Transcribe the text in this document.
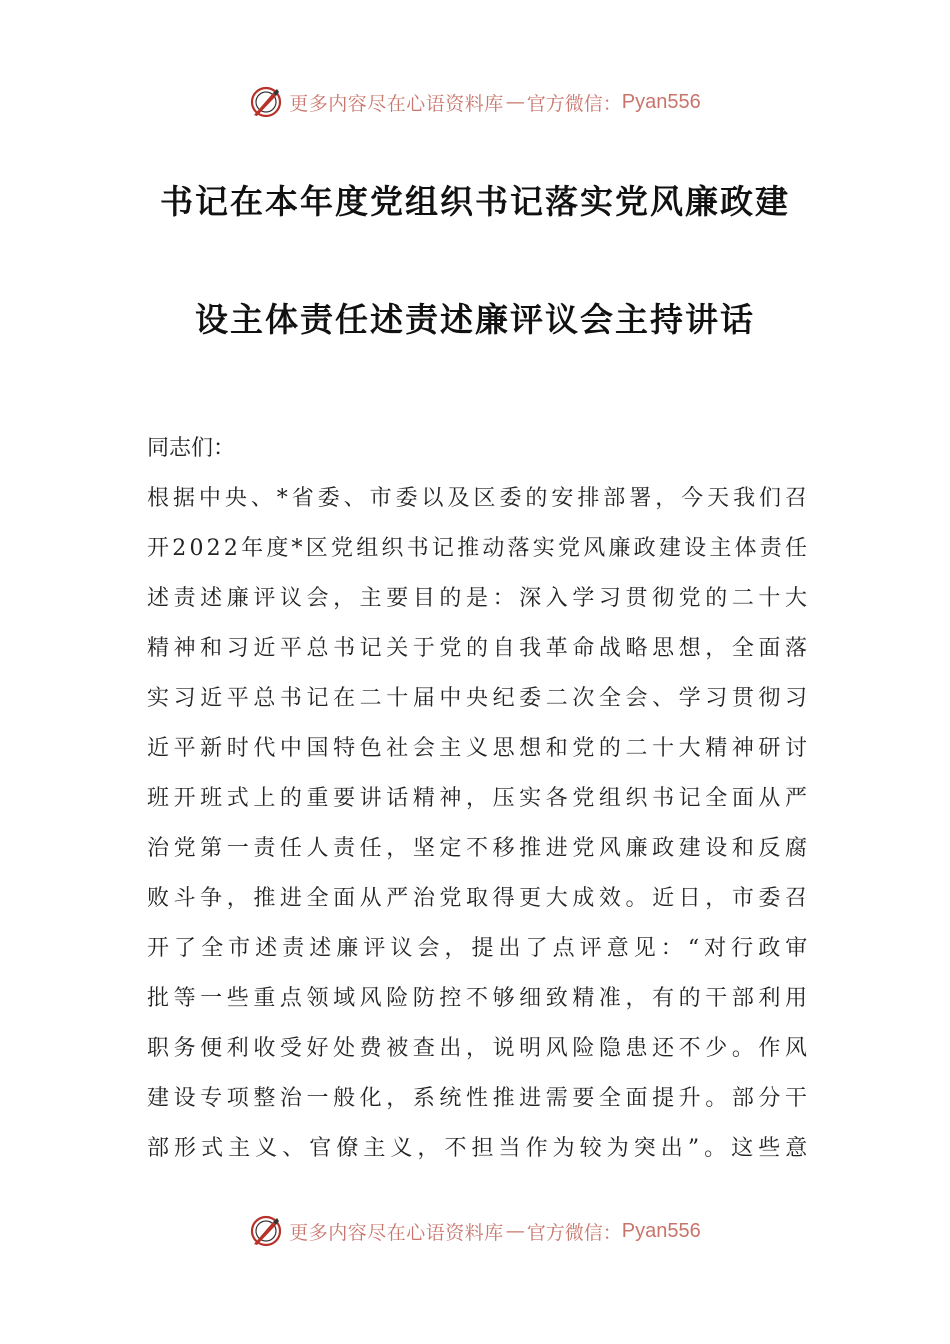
更多内容尽在心语资料库 — 官方微信： Pyan556
书记在本年度党组织书记落实党风廉政建
设主体责任述责述廉评议会主持讲话
同志们：
根据中央、*省委、市委以及区委的安排部署，今天我们召
开2022年度*区党组织书记推动落实党风廉政建设主体责任
述责述廉评议会，主要目的是：深入学习贯彻党的二十大
精神和习近平总书记关于党的自我革命战略思想，全面落
实习近平总书记在二十届中央纪委二次全会、学习贯彻习
近平新时代中国特色社会主义思想和党的二十大精神研讨
班开班式上的重要讲话精神，压实各党组织书记全面从严
治党第一责任人责任，坚定不移推进党风廉政建设和反腐
败斗争，推进全面从严治党取得更大成效。近日，市委召
开了全市述责述廉评议会，提出了点评意见：“对行政审
批等一些重点领域风险防控不够细致精准，有的干部利用
职务便利收受好处费被查出，说明风险隐患还不少。作风
建设专项整治一般化，系统性推进需要全面提升。部分干
部形式主义、官僚主义，不担当作为较为突出”。这些意
更多内容尽在心语资料库 — 官方微信： Pyan556
